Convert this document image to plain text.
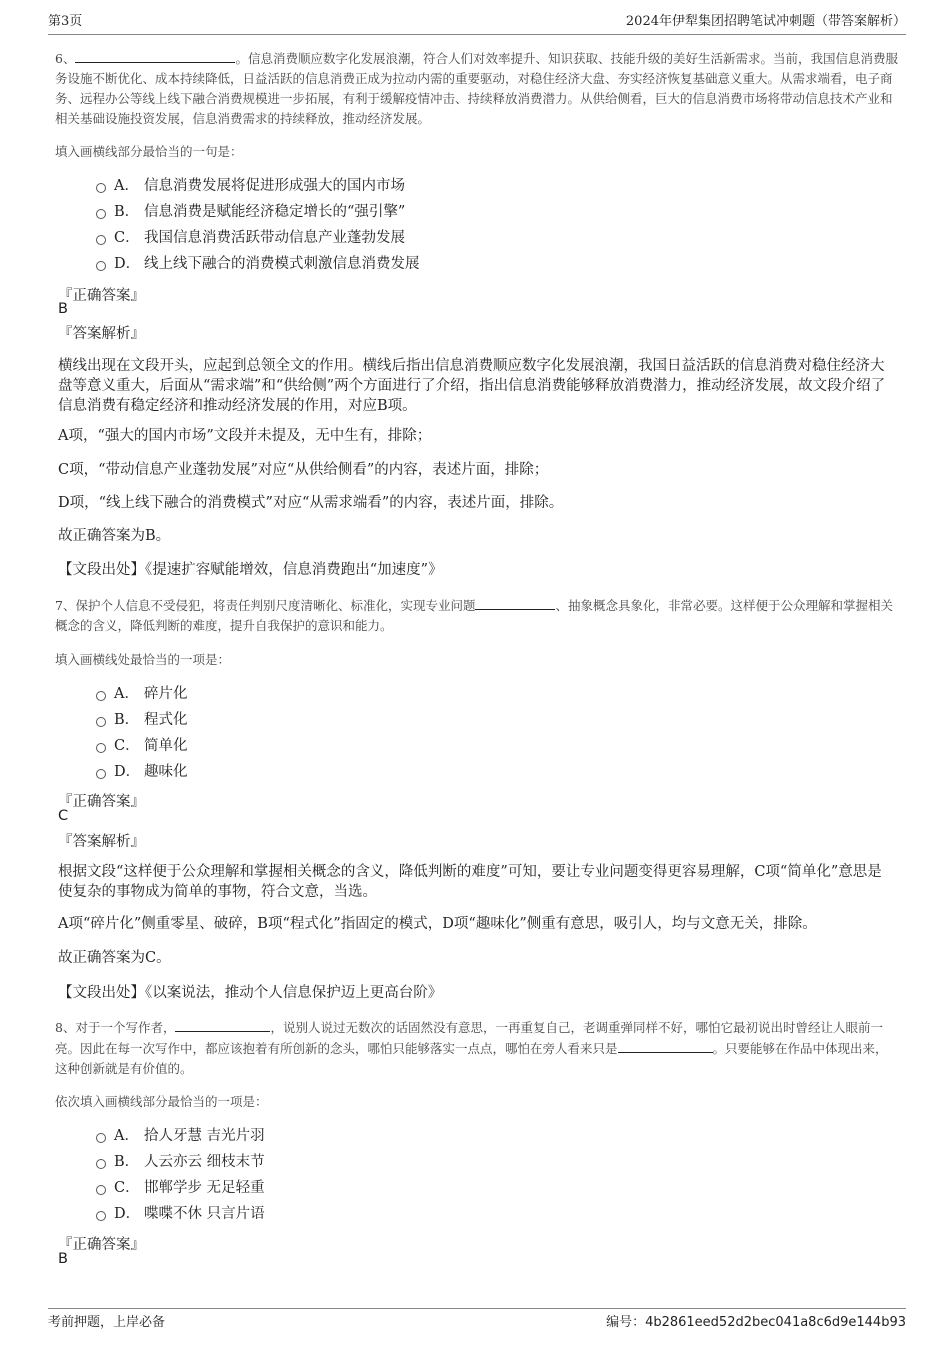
第3页	2024年伊犁集团招聘笔试冲刺题（带答案解析）
6、	。信息消费顺应数字化发展浪潮，符合人们对效率提升、知识获取、技能升级的美好生活新需求。当前，我国信息消费服务设施不断优化、成本持续降低，日益活跃的信息消费正成为拉动内需的重要驱动，对稳住经济大盘、夯实经济恢复基础意义重大。从需求端看，电子商务、远程办公等线上线下融合消费规模进一步拓展，有利于缓解疫情冲击、持续释放消费潜力。从供给侧看，巨大的信息消费市场将带动信息技术产业和相关基础设施投资发展，信息消费需求的持续释放，推动经济发展。
填入画横线部分最恰当的一句是：
A． 信息消费发展将促进形成强大的国内市场
B． 信息消费是赋能经济稳定增长的“强引擎”
C． 我国信息消费活跃带动信息产业蓬勃发展
D． 线上线下融合的消费模式刺激信息消费发展
『正确答案』
B
『答案解析』
横线出现在文段开头，应起到总领全文的作用。横线后指出信息消费顺应数字化发展浪潮，我国日益活跃的信息消费对稳住经济大盘等意义重大，后面从“需求端”和“供给侧”两个方面进行了介绍，指出信息消费能够释放消费潜力，推动经济发展，故文段介绍了信息消费有稳定经济和推动经济发展的作用，对应B项。
A项，“强大的国内市场”文段并未提及，无中生有，排除；
C项，“带动信息产业蓬勃发展”对应“从供给侧看”的内容，表述片面，排除；
D项，“线上线下融合的消费模式”对应“从需求端看”的内容，表述片面，排除。
故正确答案为B。
【文段出处】《提速扩容赋能增效，信息消费跑出“加速度”》
7、保护个人信息不受侵犯，将责任判别尺度清晰化、标准化，实现专业问题	、抽象概念具象化，非常必要。这样便于公众理解和掌握相关概念的含义，降低判断的难度，提升自我保护的意识和能力。
填入画横线处最恰当的一项是：
A． 碎片化
B． 程式化
C． 简单化
D． 趣味化
『正确答案』
C
『答案解析』
根据文段“这样便于公众理解和掌握相关概念的含义，降低判断的难度”可知，要让专业问题变得更容易理解，C项“简单化”意思是使复杂的事物成为简单的事物，符合文意，当选。
A项“碎片化”侧重零星、破碎，B项“程式化”指固定的模式，D项“趣味化”侧重有意思，吸引人，均与文意无关，排除。
故正确答案为C。
【文段出处】《以案说法，推动个人信息保护迈上更高台阶》
8、对于一个写作者，	，说别人说过无数次的话固然没有意思，一再重复自己，老调重弹同样不好，哪怕它最初说出时曾经让人眼前一亮。因此在每一次写作中，都应该抱着有所创新的念头，哪怕只能够落实一点点，哪怕在旁人看来只是	。只要能够在作品中体现出来，这种创新就是有价值的。
依次填入画横线部分最恰当的一项是：
A． 拾人牙慧 吉光片羽
B． 人云亦云 细枝末节
C． 邯郸学步 无足轻重
D． 喋喋不休 只言片语
『正确答案』
B
考前押题，上岸必备	编号：4b2861eed52d2bec041a8c6d9e144b93
